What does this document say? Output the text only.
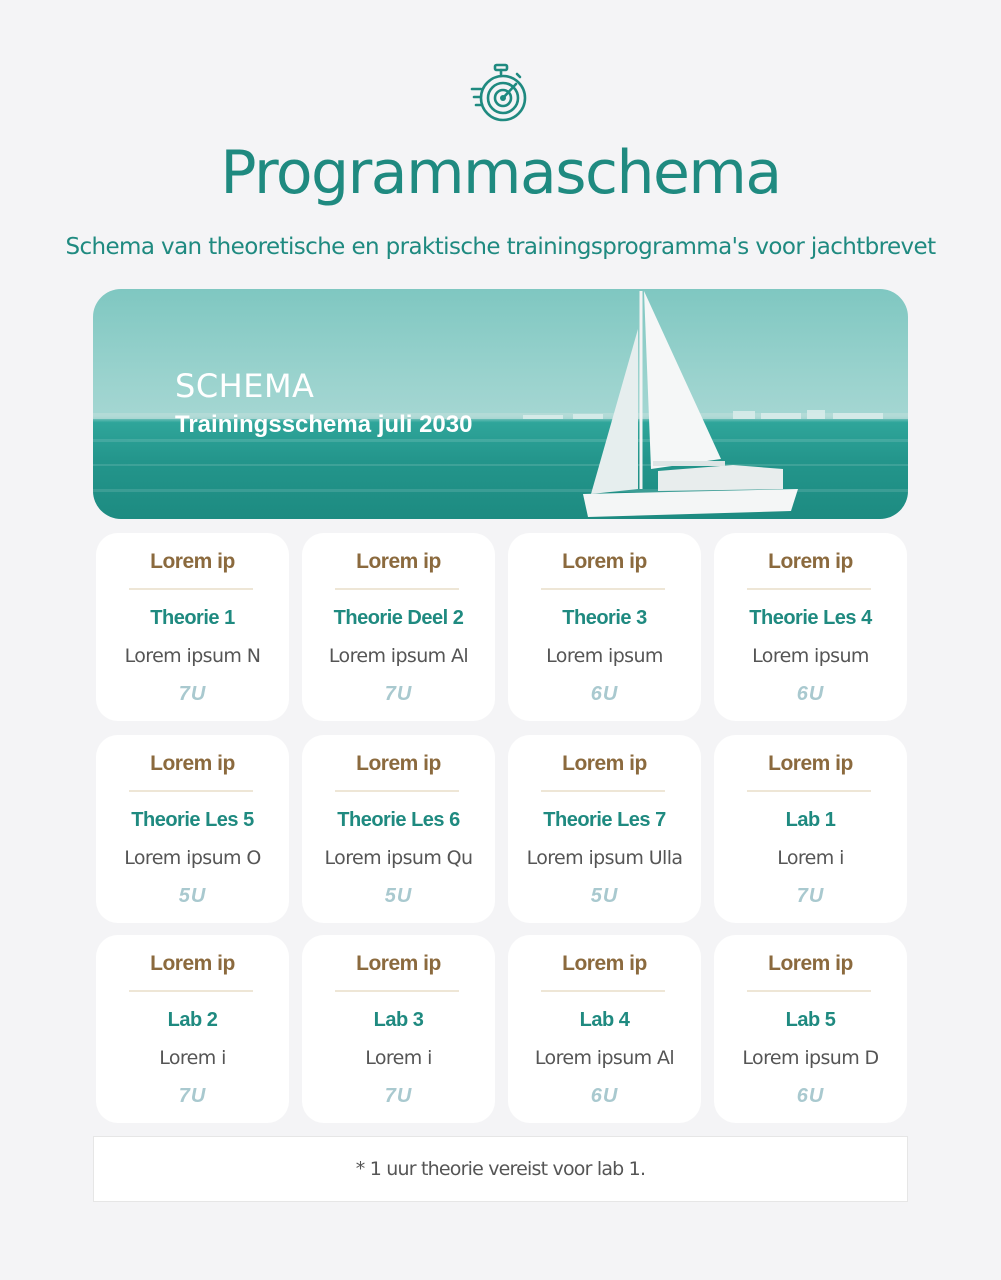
Programmaschema
Schema van theoretische en praktische trainingsprogramma's voor jachtbrevet
SCHEMA
Trainingsschema juli 2030
Lorem ip
Theorie 1
Lorem ipsum N
7U
Lorem ip
Theorie Deel 2
Lorem ipsum Al
7U
Lorem ip
Theorie 3
Lorem ipsum
6U
Lorem ip
Theorie Les 4
Lorem ipsum
6U
Lorem ip
Theorie Les 5
Lorem ipsum O
5U
Lorem ip
Theorie Les 6
Lorem ipsum Qu
5U
Lorem ip
Theorie Les 7
Lorem ipsum Ulla
5U
Lorem ip
Lab 1
Lorem i
7U
Lorem ip
Lab 2
Lorem i
7U
Lorem ip
Lab 3
Lorem i
7U
Lorem ip
Lab 4
Lorem ipsum Al
6U
Lorem ip
Lab 5
Lorem ipsum D
6U
* 1 uur theorie vereist voor lab 1.
